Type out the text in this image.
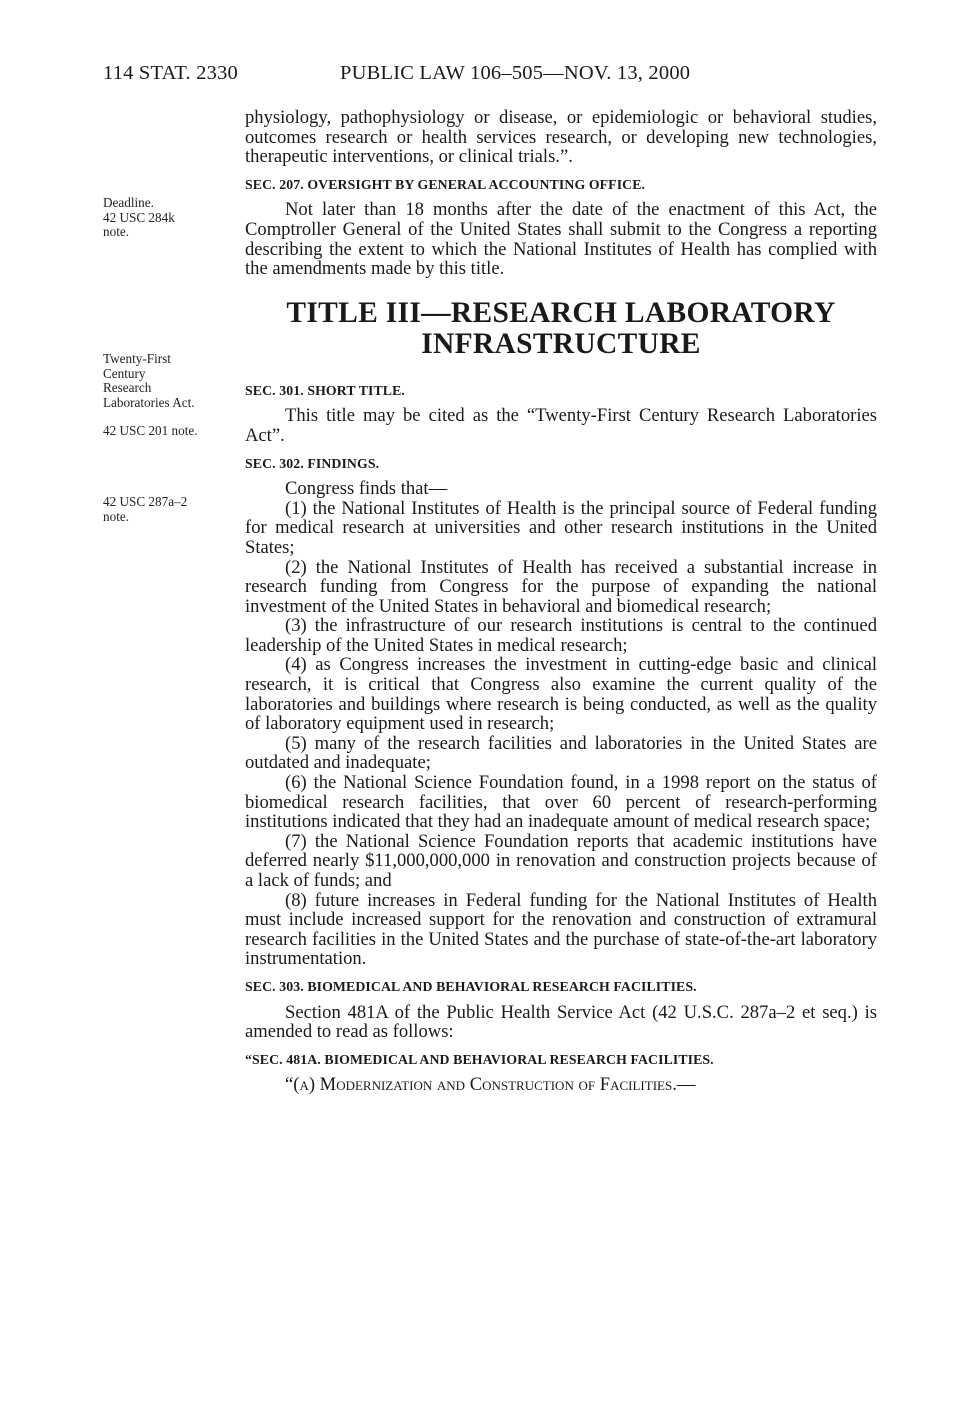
114 STAT. 2330	PUBLIC LAW 106–505—NOV. 13, 2000
Deadline.
42 USC 284k
note.
Twenty-First
Century
Research
Laboratories Act.
42 USC 201 note.
42 USC 287a–2
note.

physiology, pathophysiology or disease, or epidemiologic or behavioral studies, outcomes research or health services research, or developing new technologies, therapeutic interventions, or clinical trials.”.

SEC. 207. OVERSIGHT BY GENERAL ACCOUNTING OFFICE.

Not later than 18 months after the date of the enactment of this Act, the Comptroller General of the United States shall submit to the Congress a reporting describing the extent to which the National Institutes of Health has complied with the amendments made by this title.

TITLE III—RESEARCH LABORATORY
INFRASTRUCTURE
SEC. 301. SHORT TITLE.

This title may be cited as the “Twenty-First Century Research Laboratories Act”.

SEC. 302. FINDINGS.

Congress finds that—

(1) the National Institutes of Health is the principal source of Federal funding for medical research at universities and other research institutions in the United States;

(2) the National Institutes of Health has received a substantial increase in research funding from Congress for the purpose of expanding the national investment of the United States in behavioral and biomedical research;

(3) the infrastructure of our research institutions is central to the continued leadership of the United States in medical research;

(4) as Congress increases the investment in cutting-edge basic and clinical research, it is critical that Congress also examine the current quality of the laboratories and buildings where research is being conducted, as well as the quality of laboratory equipment used in research;

(5) many of the research facilities and laboratories in the United States are outdated and inadequate;

(6) the National Science Foundation found, in a 1998 report on the status of biomedical research facilities, that over 60 percent of research-performing institutions indicated that they had an inadequate amount of medical research space;

(7) the National Science Foundation reports that academic institutions have deferred nearly $11,000,000,000 in renovation and construction projects because of a lack of funds; and

(8) future increases in Federal funding for the National Institutes of Health must include increased support for the renovation and construction of extramural research facilities in the United States and the purchase of state-of-the-art laboratory instrumentation.

SEC. 303. BIOMEDICAL AND BEHAVIORAL RESEARCH FACILITIES.

Section 481A of the Public Health Service Act (42 U.S.C. 287a–2 et seq.) is amended to read as follows:

“SEC. 481A. BIOMEDICAL AND BEHAVIORAL RESEARCH FACILITIES.

“(a) Modernization and Construction of Facilities.—
